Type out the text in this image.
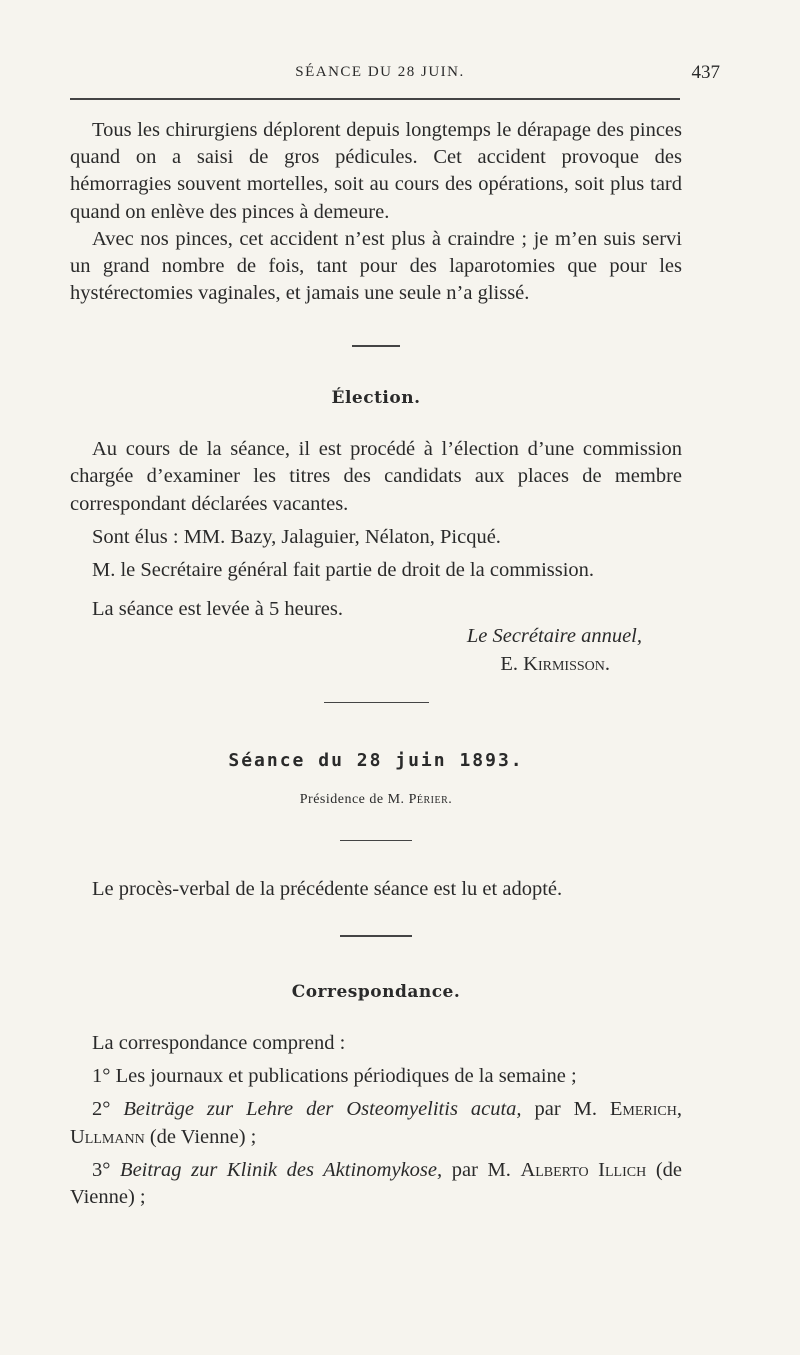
SÉANCE DU 28 JUIN.	437

Tous les chirurgiens déplorent depuis longtemps le dérapage des pinces quand on a saisi de gros pédicules. Cet accident provoque des hémorragies souvent mortelles, soit au cours des opérations, soit plus tard quand on enlève des pinces à demeure.

Avec nos pinces, cet accident n’est plus à craindre ; je m’en suis servi un grand nombre de fois, tant pour des laparotomies que pour les hystérectomies vaginales, et jamais une seule n’a glissé.

Élection.

Au cours de la séance, il est procédé à l’élection d’une commission chargée d’examiner les titres des candidats aux places de membre correspondant déclarées vacantes.

Sont élus : MM. Bazy, Jalaguier, Nélaton, Picqué.

M. le Secrétaire général fait partie de droit de la commission.

La séance est levée à 5 heures.

Le Secrétaire annuel,
E. Kirmisson.
Séance du 28 juin 1893.
Présidence de M. Périer.

Le procès-verbal de la précédente séance est lu et adopté.

Correspondance.

La correspondance comprend :

1° Les journaux et publications périodiques de la semaine ;

2° Beiträge zur Lehre der Osteomyelitis acuta, par M. Emerich, Ullmann (de Vienne) ;

3° Beitrag zur Klinik des Aktinomykose, par M. Alberto Illich (de Vienne) ;
